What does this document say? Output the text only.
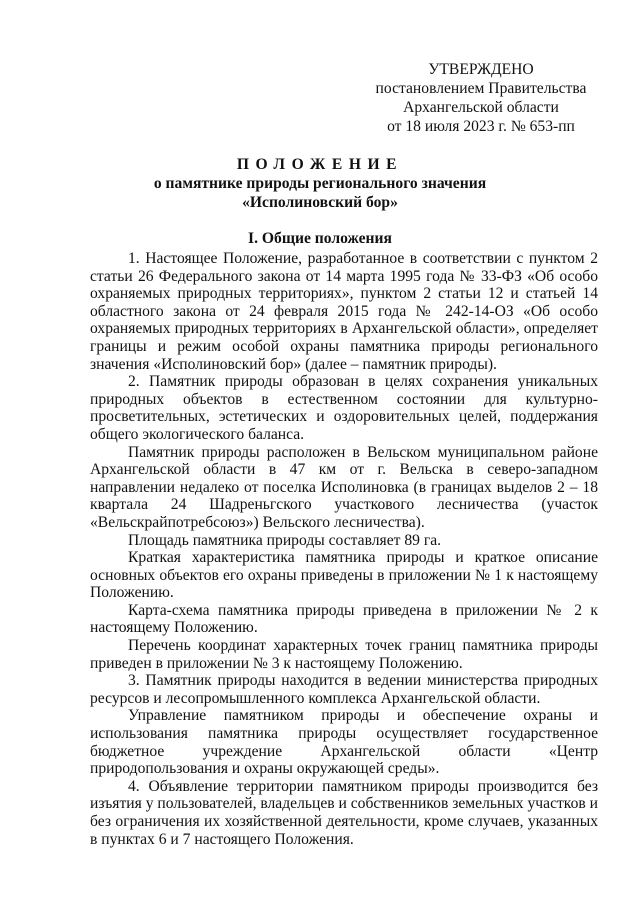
УТВЕРЖДЕНО
постановлением Правительства
Архангельской области
от 18 июля 2023 г. № 653-пп
ПОЛОЖЕНИЕ
о памятнике природы регионального значения
«Исполиновский бор»
I. Общие положения

1. Настоящее Положение, разработанное в соответствии с пунктом 2 статьи 26 Федерального закона от 14 марта 1995 года № 33-ФЗ «Об особо охраняемых природных территориях», пунктом 2 статьи 12 и статьей 14 областного закона от 24 февраля 2015 года № 242-14-ОЗ «Об особо охраняемых природных территориях в Архангельской области», определяет границы и режим особой охраны памятника природы регионального значения «Исполиновский бор» (далее – памятник природы).

2. Памятник природы образован в целях сохранения уникальных природных объектов в естественном состоянии для культурно-просветительных, эстетических и оздоровительных целей, поддержания общего экологического баланса.

Памятник природы расположен в Вельском муниципальном районе Архангельской области в 47 км от г. Вельска в северо-западном направлении недалеко от поселка Исполиновка (в границах выделов 2 – 18 квартала 24 Шадреньгского участкового лесничества (участок «Вельскрайпотребсоюз») Вельского лесничества).

Площадь памятника природы составляет 89 га.

Краткая характеристика памятника природы и краткое описание основных объектов его охраны приведены в приложении № 1 к настоящему Положению.

Карта-схема памятника природы приведена в приложении № 2 к настоящему Положению.

Перечень координат характерных точек границ памятника природы приведен в приложении № 3 к настоящему Положению.

3. Памятник природы находится в ведении министерства природных ресурсов и лесопромышленного комплекса Архангельской области.

Управление памятником природы и обеспечение охраны и использования памятника природы осуществляет государственное бюджетное учреждение Архангельской области «Центр природопользования и охраны окружающей среды».

4. Объявление территории памятником природы производится без изъятия у пользователей, владельцев и собственников земельных участков и без ограничения их хозяйственной деятельности, кроме случаев, указанных в пунктах 6 и 7 настоящего Положения.
